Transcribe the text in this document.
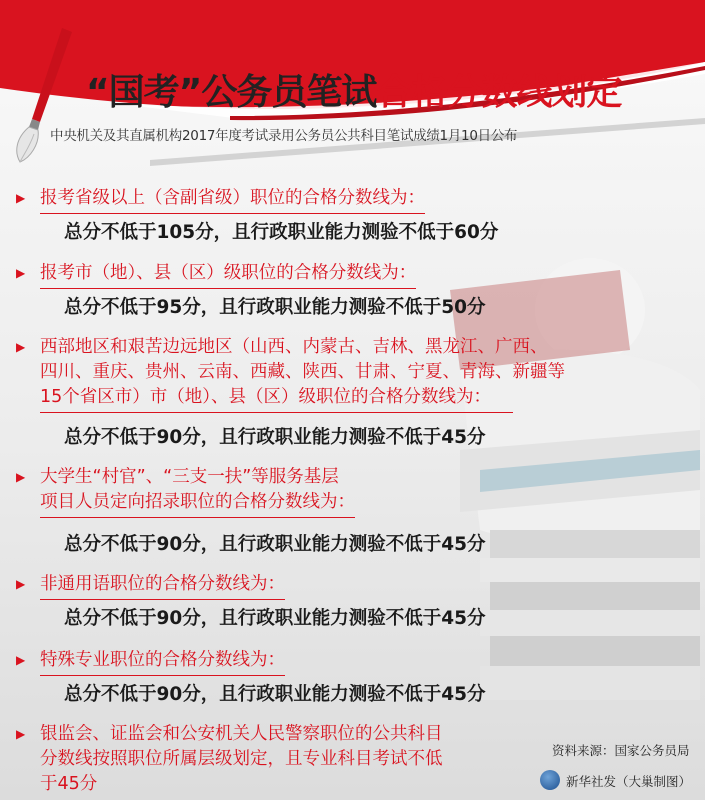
“国考”公务员笔试合格分数线划定
中央机关及其直属机构2017年度考试录用公务员公共科目笔试成绩1月10日公布
▶ 报考省级以上（含副省级）职位的合格分数线为：
总分不低于105分，且行政职业能力测验不低于60分
▶ 报考市（地）、县（区）级职位的合格分数线为：
总分不低于95分，且行政职业能力测验不低于50分
▶ 西部地区和艰苦边远地区（山西、内蒙古、吉林、黑龙江、广西、
四川、重庆、贵州、云南、西藏、陕西、甘肃、宁夏、青海、新疆等
15个省区市）市（地）、县（区）级职位的合格分数线为：
总分不低于90分，且行政职业能力测验不低于45分
▶ 大学生“村官”、“三支一扶”等服务基层
项目人员定向招录职位的合格分数线为：
总分不低于90分，且行政职业能力测验不低于45分
▶ 非通用语职位的合格分数线为：
总分不低于90分，且行政职业能力测验不低于45分
▶ 特殊专业职位的合格分数线为：
总分不低于90分，且行政职业能力测验不低于45分
▶ 银监会、证监会和公安机关人民警察职位的公共科目
分数线按照职位所属层级划定，且专业科目考试不低
于45分
资料来源：国家公务员局
新华社发（大巢制图）
